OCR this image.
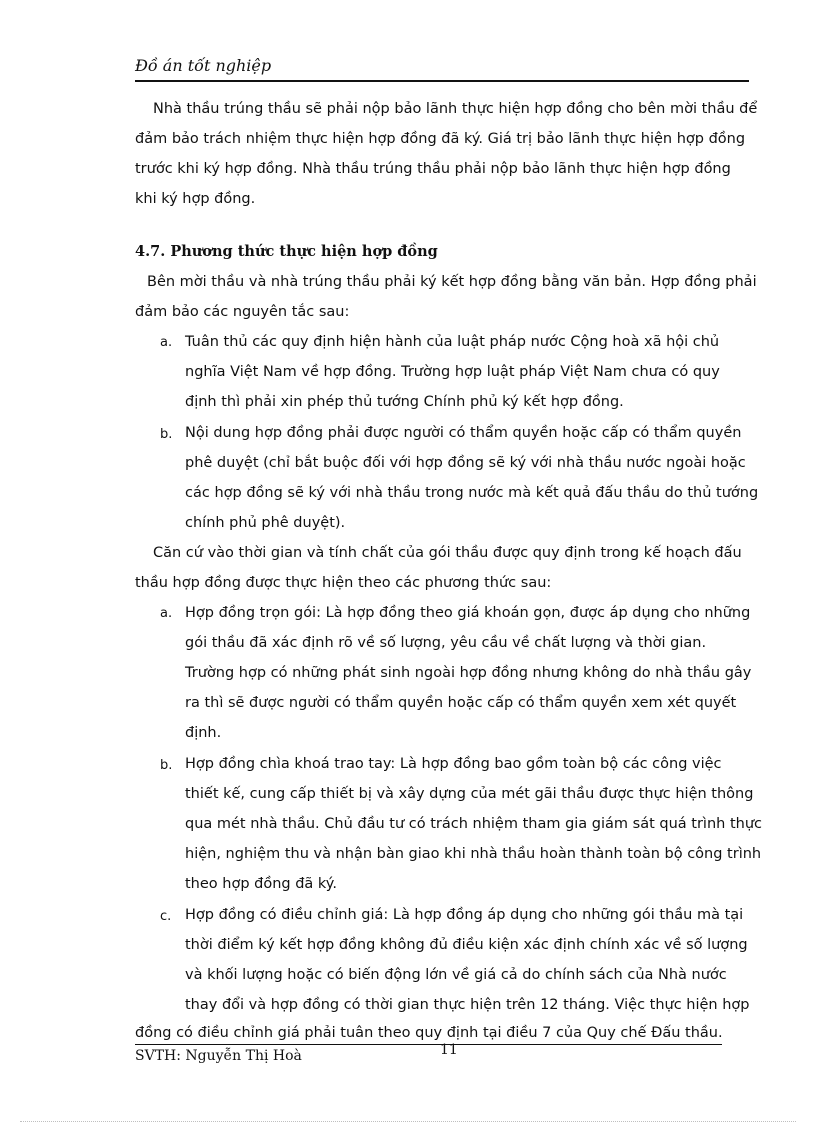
Đồ án tốt nghiệp
Nhà thầu trúng thầu sẽ phải nộp bảo lãnh thực hiện hợp đồng cho bên mời thầu để
đảm bảo trách nhiệm thực hiện hợp đồng đã ký. Giá trị bảo lãnh thực hiện hợp đồng
trước khi ký hợp đồng. Nhà thầu trúng thầu phải nộp bảo lãnh thực hiện hợp đồng
khi ký hợp đồng.
4.7. Phương thức thực hiện hợp đồng
Bên mời thầu và nhà trúng thầu phải ký kết hợp đồng bằng văn bản. Hợp đồng phải
đảm bảo các nguyên tắc sau:
a. Tuân thủ các quy định hiện hành của luật pháp nước Cộng hoà xã hội chủ
nghĩa Việt Nam về hợp đồng. Trường hợp luật pháp Việt Nam chưa có quy
định thì phải xin phép thủ tướng Chính phủ ký kết hợp đồng.
b. Nội dung hợp đồng phải được người có thẩm quyền hoặc cấp có thẩm quyền
phê duyệt (chỉ bắt buộc đối với hợp đồng sẽ ký với nhà thầu nước ngoài hoặc
các hợp đồng sẽ ký với nhà thầu trong nước mà kết quả đấu thầu do thủ tướng
chính phủ phê duyệt).
Căn cứ vào thời gian và tính chất của gói thầu được quy định trong kế hoạch đấu
thầu hợp đồng được thực hiện theo các phương thức sau:
a. Hợp đồng trọn gói: Là hợp đồng theo giá khoán gọn, được áp dụng cho những
gói thầu đã xác định rõ về số lượng, yêu cầu về chất lượng và thời gian.
Trường hợp có những phát sinh ngoài hợp đồng nhưng không do nhà thầu gây
ra thì sẽ được người có thẩm quyền hoặc cấp có thẩm quyền xem xét quyết
định.
b. Hợp đồng chìa khoá trao tay: Là hợp đồng bao gồm toàn bộ các công việc
thiết kế, cung cấp thiết bị và xây dựng của mét gãi thầu được thực hiện thông
qua mét nhà thầu. Chủ đầu tư có trách nhiệm tham gia giám sát quá trình thực
hiện, nghiệm thu và nhận bàn giao khi nhà thầu hoàn thành toàn bộ công trình
theo hợp đồng đã ký.
c. Hợp đồng có điều chỉnh giá: Là hợp đồng áp dụng cho những gói thầu mà tại
thời điểm ký kết hợp đồng không đủ điều kiện xác định chính xác về số lượng
và khối lượng hoặc có biến động lớn về giá cả do chính sách của Nhà nước
thay đổi và hợp đồng có thời gian thực hiện trên 12 tháng. Việc thực hiện hợp
đồng có điều chỉnh giá phải tuân theo quy định tại điều 7 của Quy chế Đấu thầu.
SVTH: Nguyễn Thị Hoà	11
